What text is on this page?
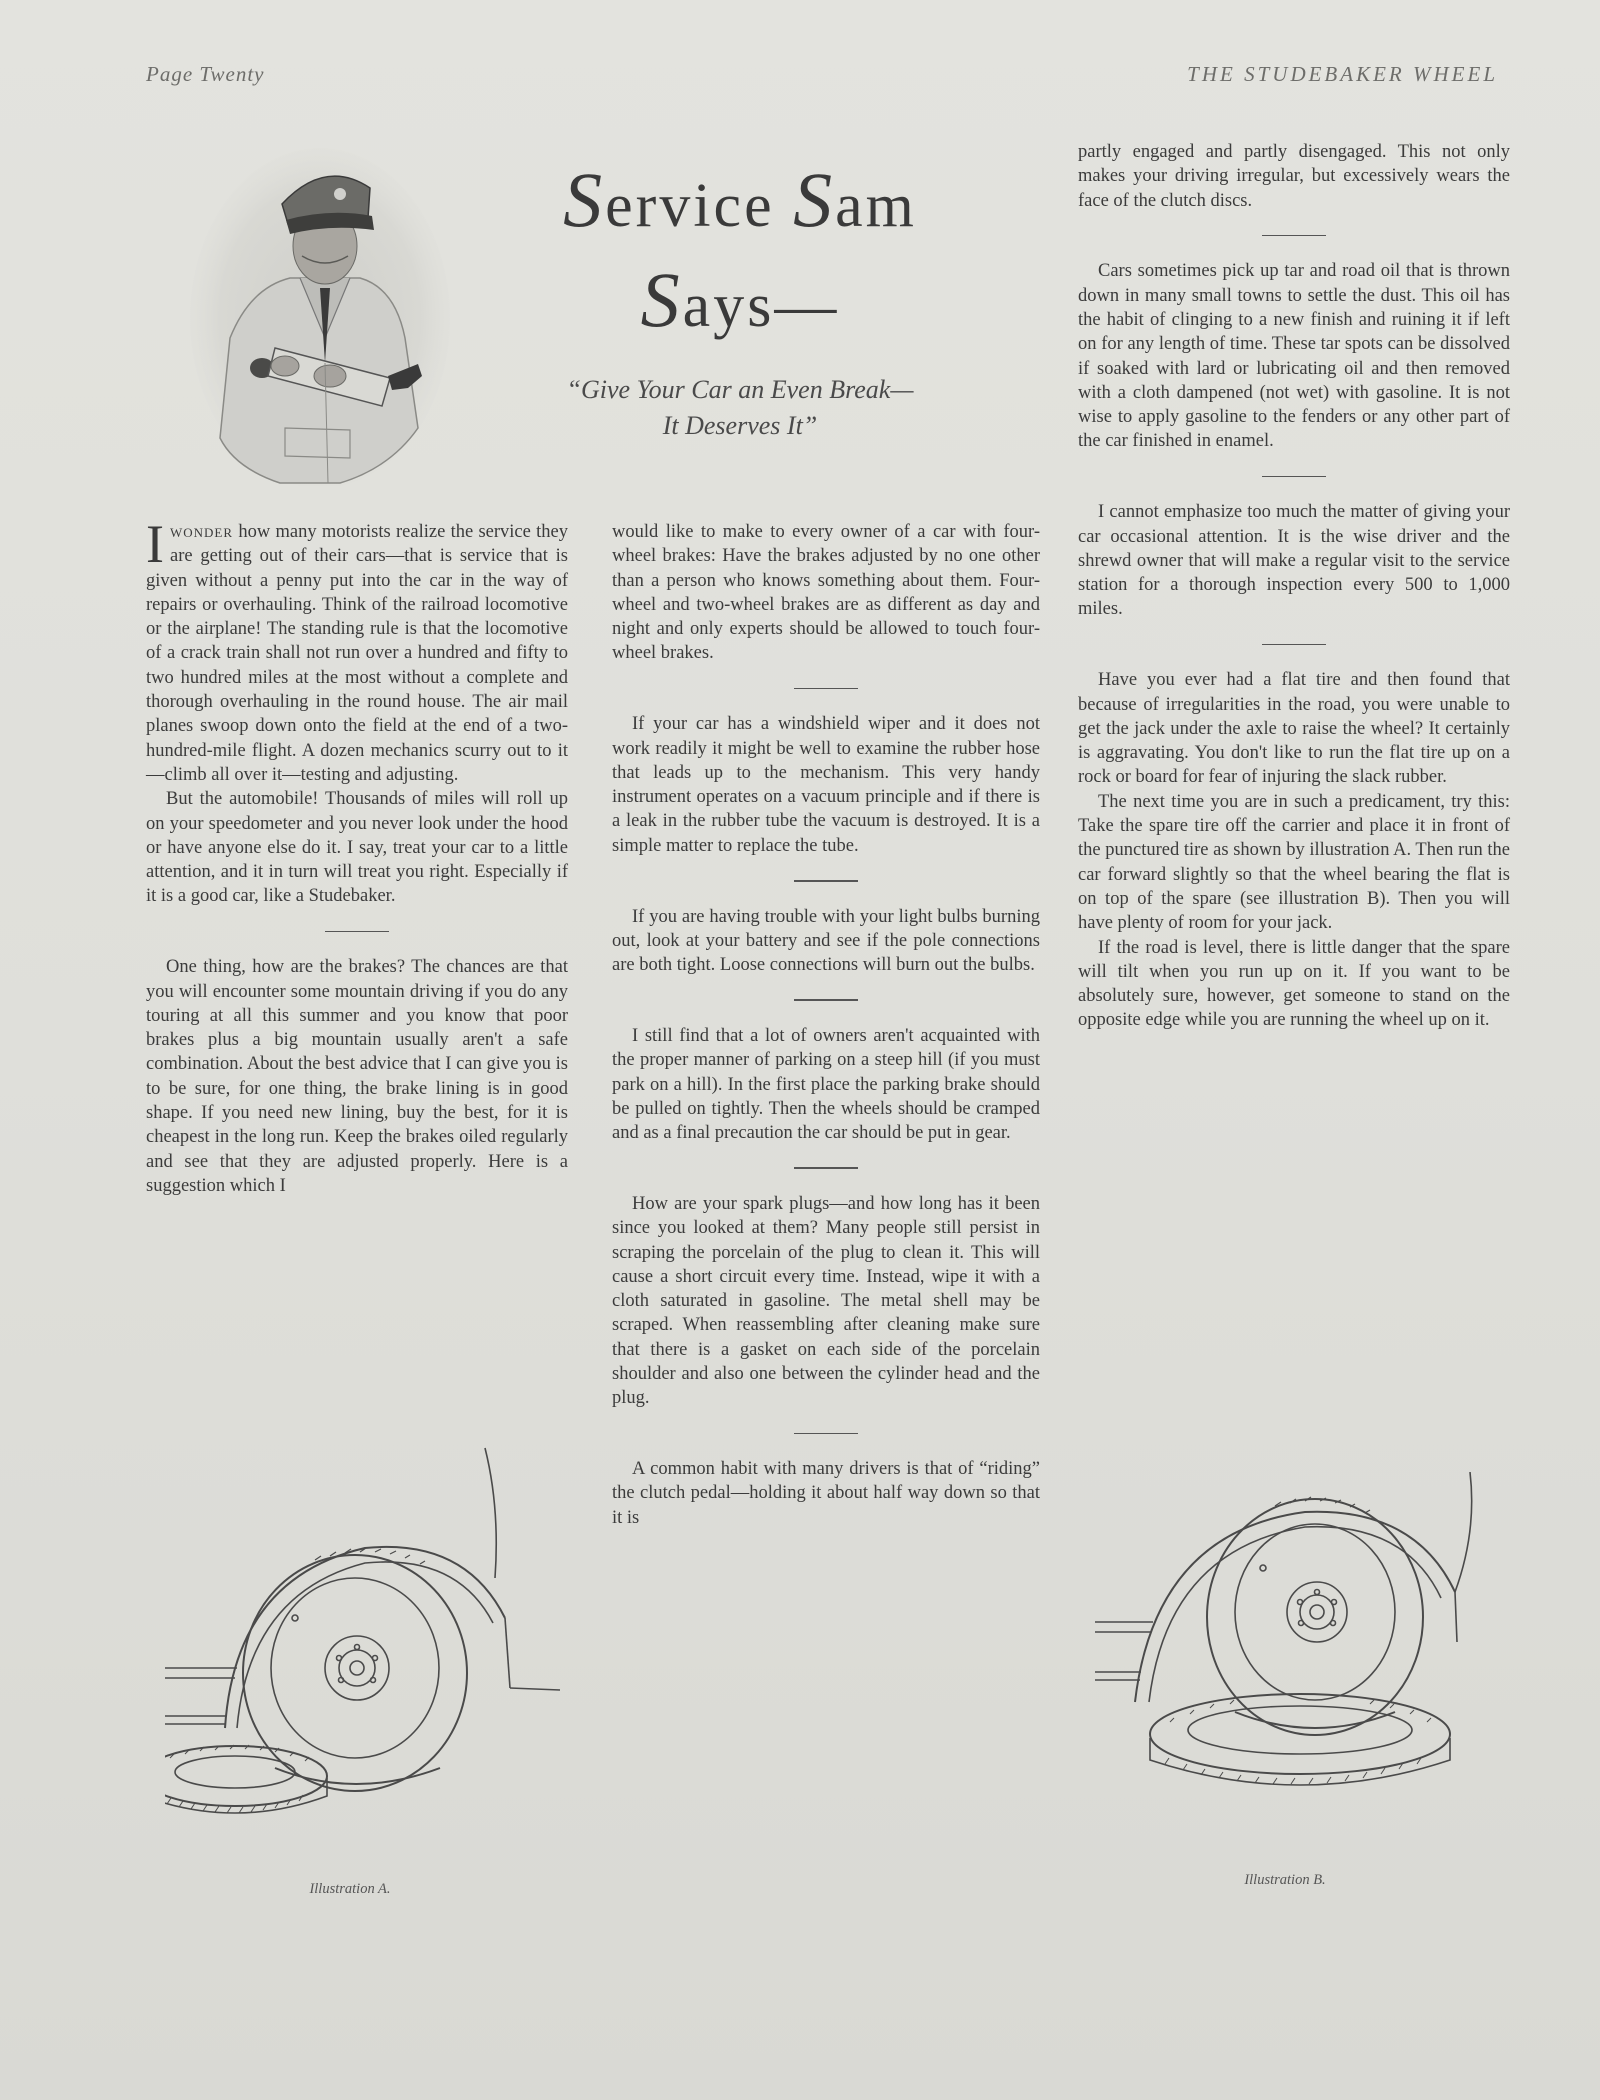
Page Twenty	THE STUDEBAKER WHEEL
Service Sam
Says—
“Give Your Car an Even Break—
It Deserves It”

Iwonder how many motorists realize the service they are getting out of their cars—that is service that is given without a penny put into the car in the way of repairs or overhauling. Think of the railroad locomotive or the airplane! The standing rule is that the locomotive of a crack train shall not run over a hundred and fifty to two hundred miles at the most without a complete and thorough overhauling in the round house. The air mail planes swoop down onto the field at the end of a two-hundred-mile flight. A dozen mechanics scurry out to it—climb all over it—testing and adjusting.

But the automobile! Thousands of miles will roll up on your speedometer and you never look under the hood or have anyone else do it. I say, treat your car to a little attention, and it in turn will treat you right. Especially if it is a good car, like a Studebaker.

One thing, how are the brakes? The chances are that you will encounter some mountain driving if you do any touring at all this summer and you know that poor brakes plus a big mountain usually aren't a safe combination. About the best advice that I can give you is to be sure, for one thing, the brake lining is in good shape. If you need new lining, buy the best, for it is cheapest in the long run. Keep the brakes oiled regularly and see that they are adjusted properly. Here is a suggestion which I

would like to make to every owner of a car with four-wheel brakes: Have the brakes adjusted by no one other than a person who knows something about them. Four-wheel and two-wheel brakes are as different as day and night and only experts should be allowed to touch four-wheel brakes.

If your car has a windshield wiper and it does not work readily it might be well to examine the rubber hose that leads up to the mechanism. This very handy instrument operates on a vacuum principle and if there is a leak in the rubber tube the vacuum is destroyed. It is a simple matter to replace the tube.

If you are having trouble with your light bulbs burning out, look at your battery and see if the pole connections are both tight. Loose connections will burn out the bulbs.

I still find that a lot of owners aren't acquainted with the proper manner of parking on a steep hill (if you must park on a hill). In the first place the parking brake should be pulled on tightly. Then the wheels should be cramped and as a final precaution the car should be put in gear.

How are your spark plugs—and how long has it been since you looked at them? Many people still persist in scraping the porcelain of the plug to clean it. This will cause a short circuit every time. Instead, wipe it with a cloth saturated in gasoline. The metal shell may be scraped. When reassembling after cleaning make sure that there is a gasket on each side of the porcelain shoulder and also one between the cylinder head and the plug.

A common habit with many drivers is that of “riding” the clutch pedal—holding it about half way down so that it is

partly engaged and partly disengaged. This not only makes your driving irregular, but excessively wears the face of the clutch discs.

Cars sometimes pick up tar and road oil that is thrown down in many small towns to settle the dust. This oil has the habit of clinging to a new finish and ruining it if left on for any length of time. These tar spots can be dissolved if soaked with lard or lubricating oil and then removed with a cloth dampened (not wet) with gasoline. It is not wise to apply gasoline to the fenders or any other part of the car finished in enamel.

I cannot emphasize too much the matter of giving your car occasional attention. It is the wise driver and the shrewd owner that will make a regular visit to the service station for a thorough inspection every 500 to 1,000 miles.

Have you ever had a flat tire and then found that because of irregularities in the road, you were unable to get the jack under the axle to raise the wheel? It certainly is aggravating. You don't like to run the flat tire up on a rock or board for fear of injuring the slack rubber.

The next time you are in such a predicament, try this: Take the spare tire off the carrier and place it in front of the punctured tire as shown by illustration A. Then run the car forward slightly so that the wheel bearing the flat is on top of the spare (see illustration B). Then you will have plenty of room for your jack.

If the road is level, there is little danger that the spare will tilt when you run up on it. If you want to be absolutely sure, however, get someone to stand on the opposite edge while you are running the wheel up on it.

Illustration A.
Illustration B.
